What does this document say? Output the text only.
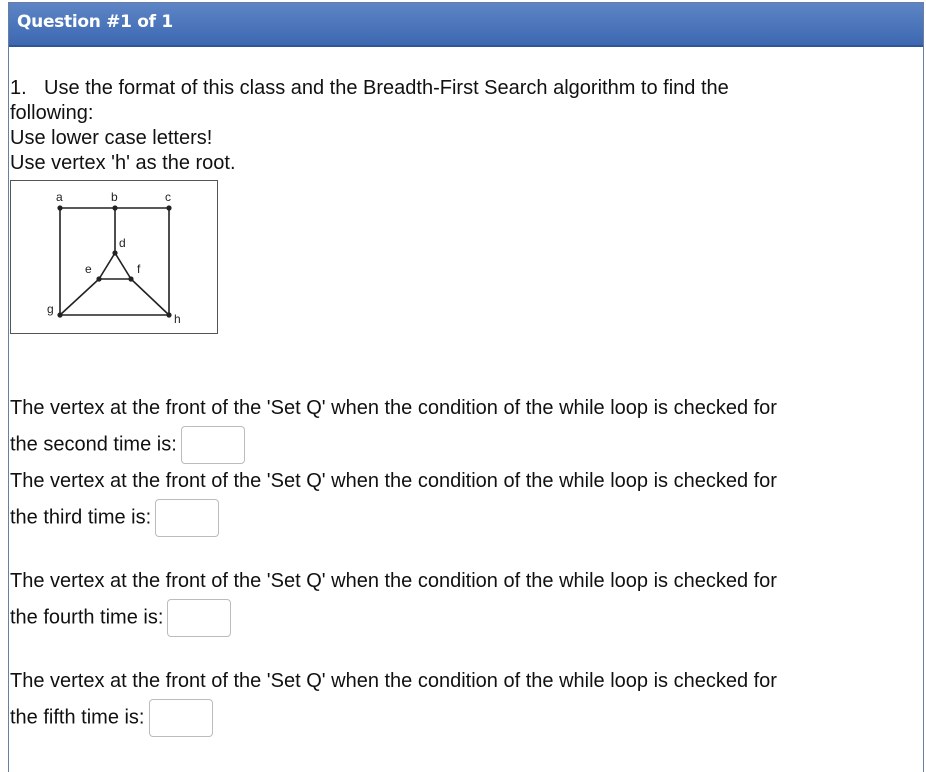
Question #1 of 1
1. Use the format of this class and the Breadth-First Search algorithm to find the
following:
Use lower case letters!
Use vertex 'h' as the root.
a	b	c
d
e	f
g
h
The vertex at the front of the 'Set Q' when the condition of the while loop is checked for
the second time is:
The vertex at the front of the 'Set Q' when the condition of the while loop is checked for
the third time is:
The vertex at the front of the 'Set Q' when the condition of the while loop is checked for
the fourth time is:
The vertex at the front of the 'Set Q' when the condition of the while loop is checked for
the fifth time is:
